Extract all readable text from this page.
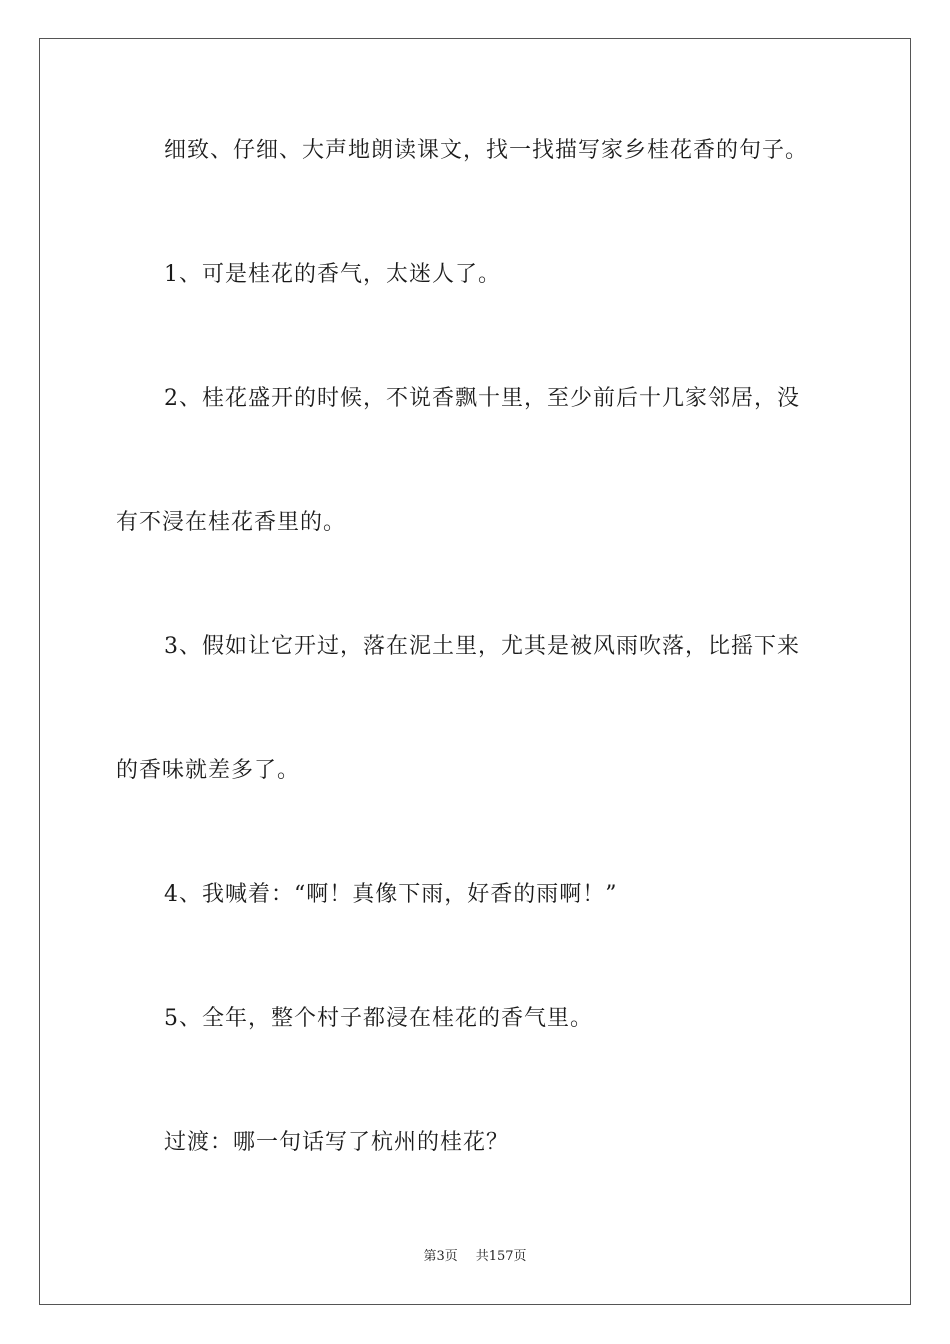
细致、仔细、大声地朗读课文，找一找描写家乡桂花香的句子。
1、可是桂花的香气，太迷人了。
2、桂花盛开的时候，不说香飘十里，至少前后十几家邻居，没
有不浸在桂花香里的。
3、假如让它开过，落在泥土里，尤其是被风雨吹落，比摇下来
的香味就差多了。
4、我喊着：“啊！真像下雨，好香的雨啊！”
5、全年，整个村子都浸在桂花的香气里。
过渡：哪一句话写了杭州的桂花？
第3页 共157页
